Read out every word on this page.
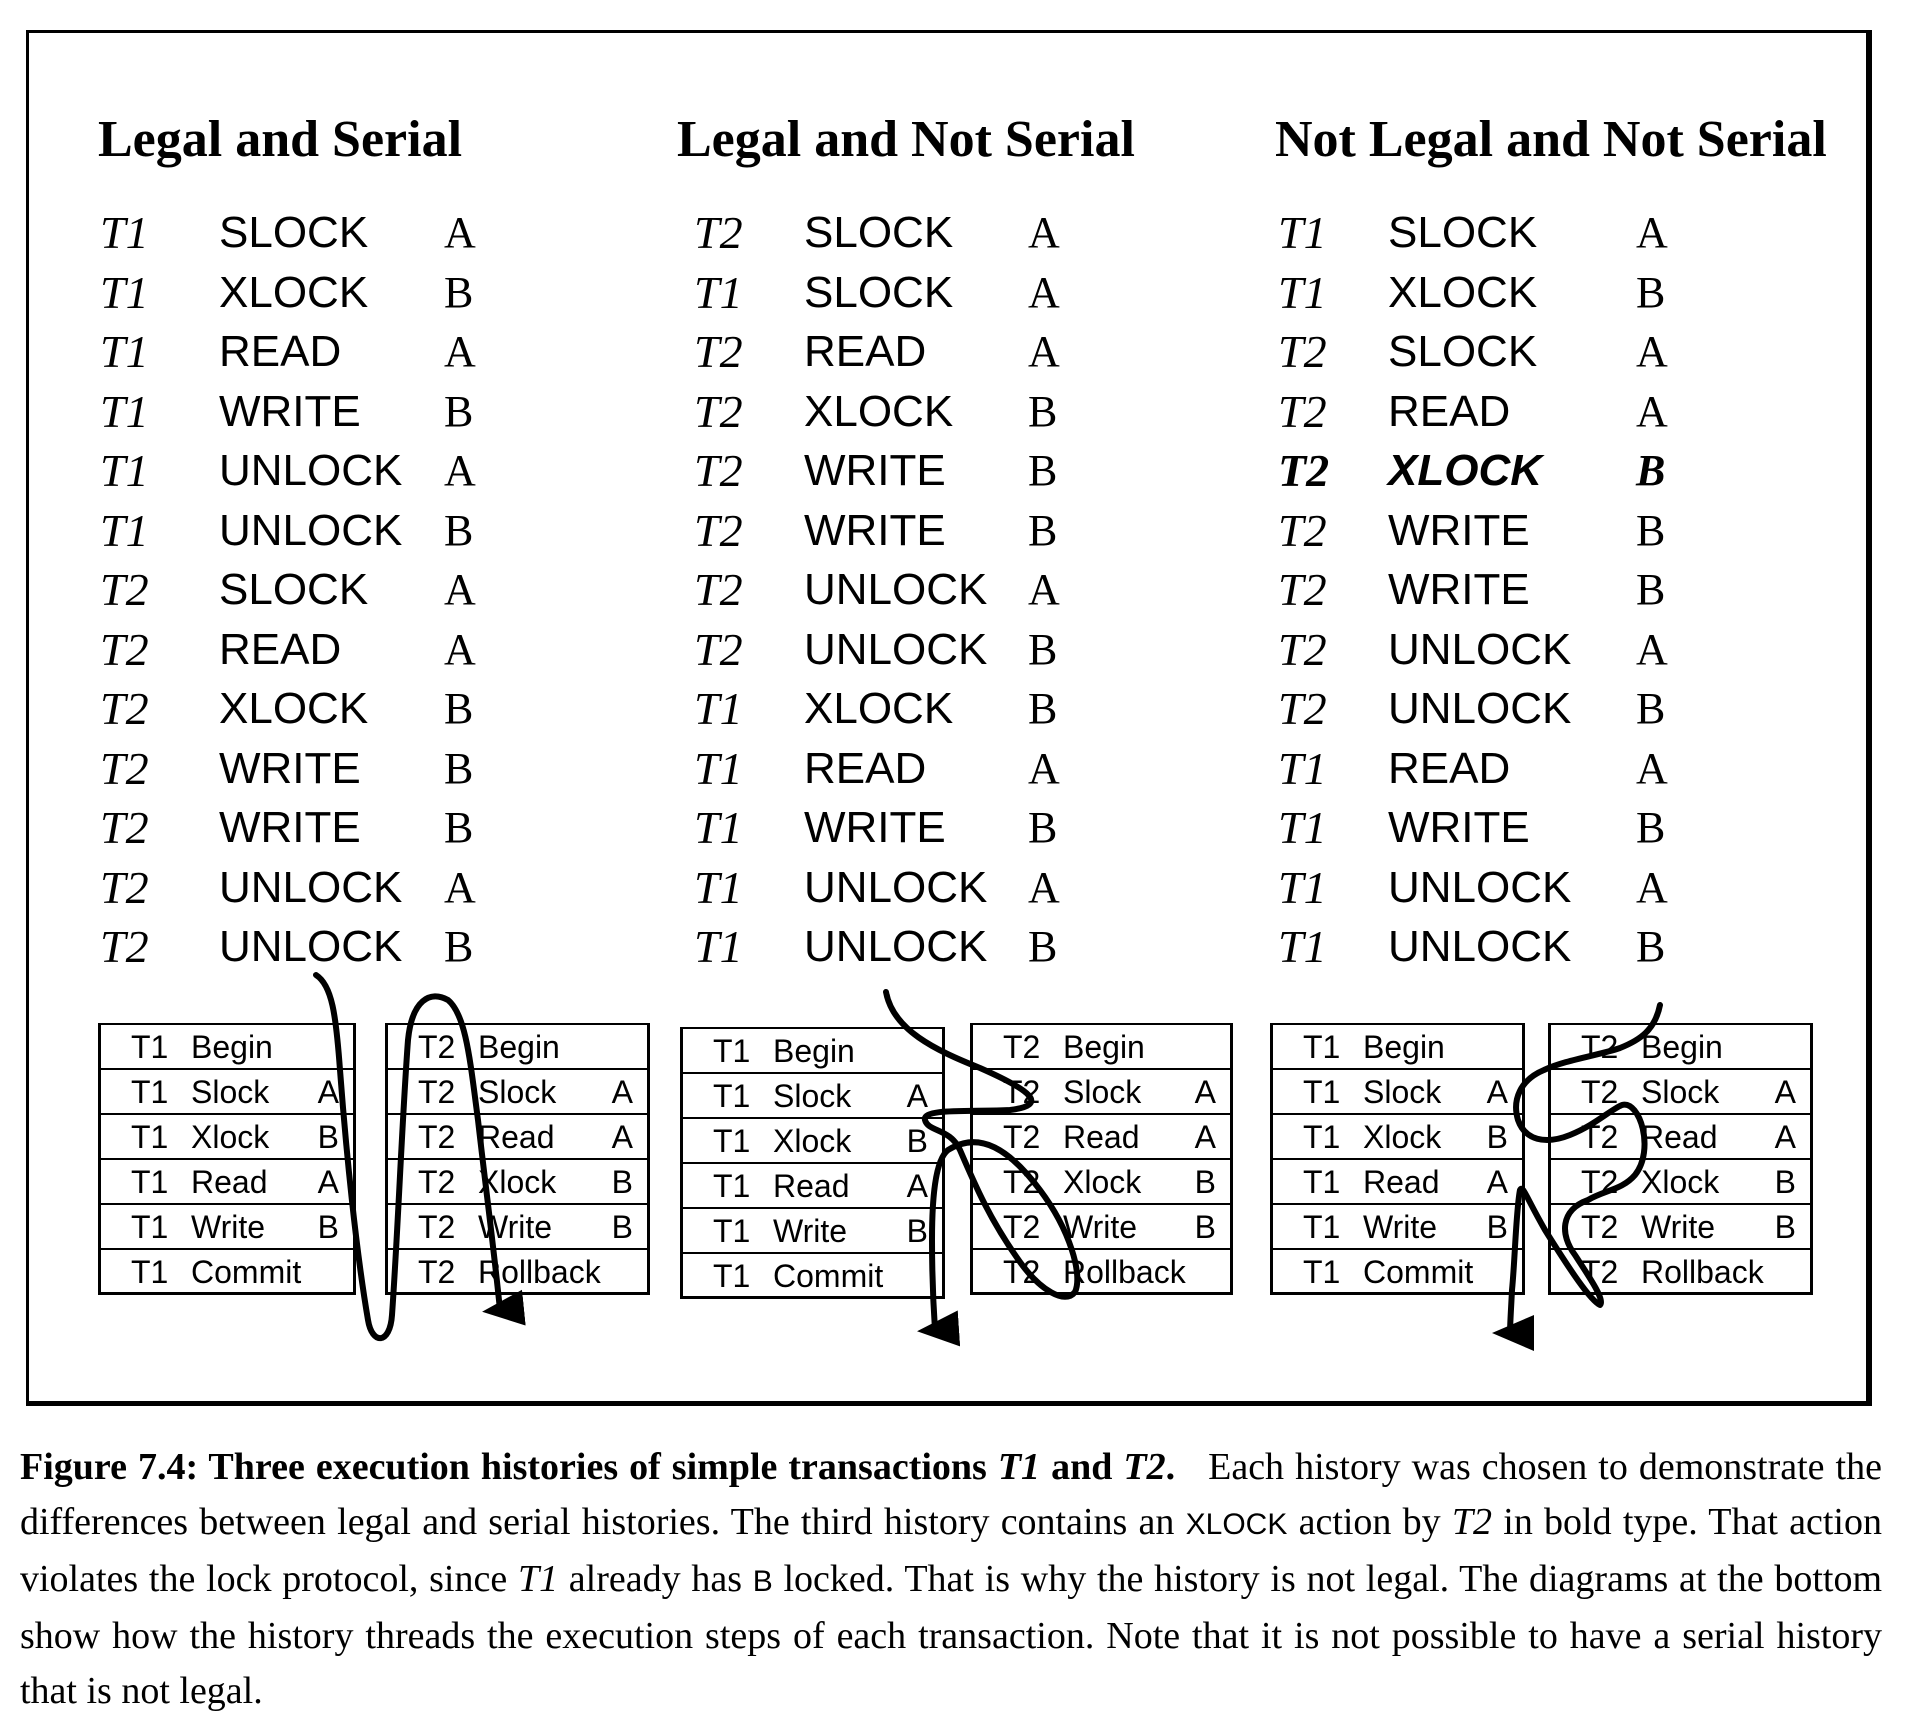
Legal and Serial	Legal and Not Serial	Not Legal and Not Serial
T1 SLOCK A
T1 XLOCK B
T1 READ A
T1 WRITE B
T1 UNLOCK A
T1 UNLOCK B
T2 SLOCK A
T2 READ A
T2 XLOCK B
T2 WRITE B
T2 WRITE B
T2 UNLOCK A
T2 UNLOCK B
T2 SLOCK A
T1 SLOCK A
T2 READ A
T2 XLOCK B
T2 WRITE B
T2 WRITE B
T2 UNLOCK A
T2 UNLOCK B
T1 XLOCK B
T1 READ A
T1 WRITE B
T1 UNLOCK A
T1 UNLOCK B
T1 SLOCK A
T1 XLOCK B
T2 SLOCK A
T2 READ	A
T2 XLOCK B
T2 WRITE B
T2 WRITE B
T2 UNLOCK A
T2 UNLOCK B
T1 READ	A
T1 WRITE B
T1 UNLOCK A
T1 UNLOCK B
T1 Begin
T1 Slock A
T1 Xlock B
T1 Read A
T1 Write B
T1 Commit
T2 Begin
T2 Slock A
T2 Read A
T2 Xlock B
T2 Write B
T2 Rollback
T1 Begin
T1 Slock A
T1 Xlock B
T1 Read A
T1 Write B
T1 Commit
T2 Begin
T2 Slock A
T2 Read A
T2 Xlock B
T2 Write B
T2 Rollback
T1 Begin
T1 Slock A
T1 Xlock B
T1 Read A
T1 Write B
T1 Commit
T2 Begin
T2 Slock A
T2 Read A
T2 Xlock B
T2 Write B
T2 Rollback

Figure 7.4: Three execution histories of simple transactions T1 and T2. Each history was chosen to demonstrate the differences between legal and serial histories. The third history contains an XLOCK action by T2 in bold type. That action violates the lock protocol, since T1 already has B locked. That is why the history is not legal. The diagrams at the bottom show how the history threads the execution steps of each transaction. Note that it is not possible to have a serial history that is not legal.
